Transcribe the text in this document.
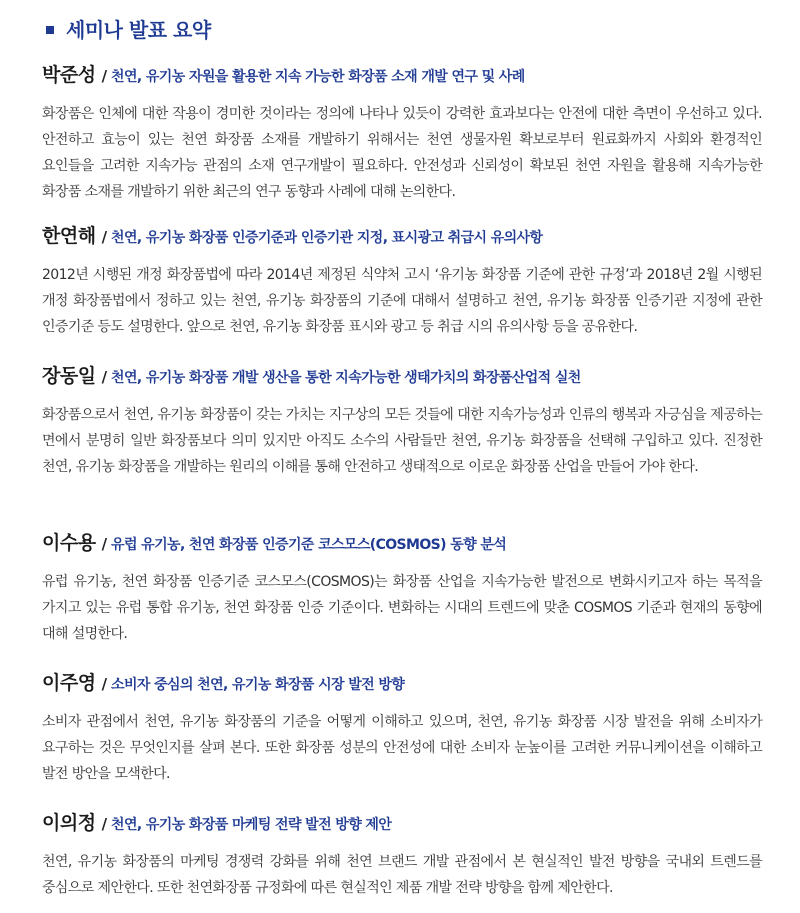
세미나 발표 요약
박준성 / 천연, 유기농 자원을 활용한 지속 가능한 화장품 소재 개발 연구 및 사례
화장품은 인체에 대한 작용이 경미한 것이라는 정의에 나타나 있듯이 강력한 효과보다는 안전에 대한 측면이 우선하고 있다. 안전하고 효능이 있는 천연 화장품 소재를 개발하기 위해서는 천연 생물자원 확보로부터 원료화까지 사회와 환경적인 요인들을 고려한 지속가능 관점의 소재 연구개발이 필요하다. 안전성과 신뢰성이 확보된 천연 자원을 활용해 지속가능한 화장품 소재를 개발하기 위한 최근의 연구 동향과 사례에 대해 논의한다.
한연해 / 천연, 유기농 화장품 인증기준과 인증기관 지정, 표시광고 취급시 유의사항
2012년 시행된 개정 화장품법에 따라 2014년 제정된 식약처 고시 ‘유기농 화장품 기준에 관한 규정’과 2018년 2월 시행된 개정 화장품법에서 정하고 있는 천연, 유기농 화장품의 기준에 대해서 설명하고 천연, 유기농 화장품 인증기관 지정에 관한 인증기준 등도 설명한다. 앞으로 천연, 유기농 화장품 표시와 광고 등 취급 시의 유의사항 등을 공유한다.
장동일 / 천연, 유기농 화장품 개발 생산을 통한 지속가능한 생태가치의 화장품산업적 실천
화장품으로서 천연, 유기농 화장품이 갖는 가치는 지구상의 모든 것들에 대한 지속가능성과 인류의 행복과 자긍심을 제공하는 면에서 분명히 일반 화장품보다 의미 있지만 아직도 소수의 사람들만 천연, 유기농 화장품을 선택해 구입하고 있다. 진정한 천연, 유기농 화장품을 개발하는 원리의 이해를 통해 안전하고 생태적으로 이로운 화장품 산업을 만들어 가야 한다.
이수용 / 유럽 유기농, 천연 화장품 인증기준 코스모스(COSMOS) 동향 분석
유럽 유기농, 천연 화장품 인증기준 코스모스(COSMOS)는 화장품 산업을 지속가능한 발전으로 변화시키고자 하는 목적을 가지고 있는 유럽 통합 유기농, 천연 화장품 인증 기준이다. 변화하는 시대의 트렌드에 맞춘 COSMOS 기준과 현재의 동향에 대해 설명한다.
이주영 / 소비자 중심의 천연, 유기농 화장품 시장 발전 방향
소비자 관점에서 천연, 유기농 화장품의 기준을 어떻게 이해하고 있으며, 천연, 유기농 화장품 시장 발전을 위해 소비자가 요구하는 것은 무엇인지를 살펴 본다. 또한 화장품 성분의 안전성에 대한 소비자 눈높이를 고려한 커뮤니케이션을 이해하고 발전 방안을 모색한다.
이의정 / 천연, 유기농 화장품 마케팅 전략 발전 방향 제안
천연, 유기농 화장품의 마케팅 경쟁력 강화를 위해 천연 브랜드 개발 관점에서 본 현실적인 발전 방향을 국내외 트렌드를 중심으로 제안한다. 또한 천연화장품 규정화에 따른 현실적인 제품 개발 전략 방향을 함께 제안한다.
